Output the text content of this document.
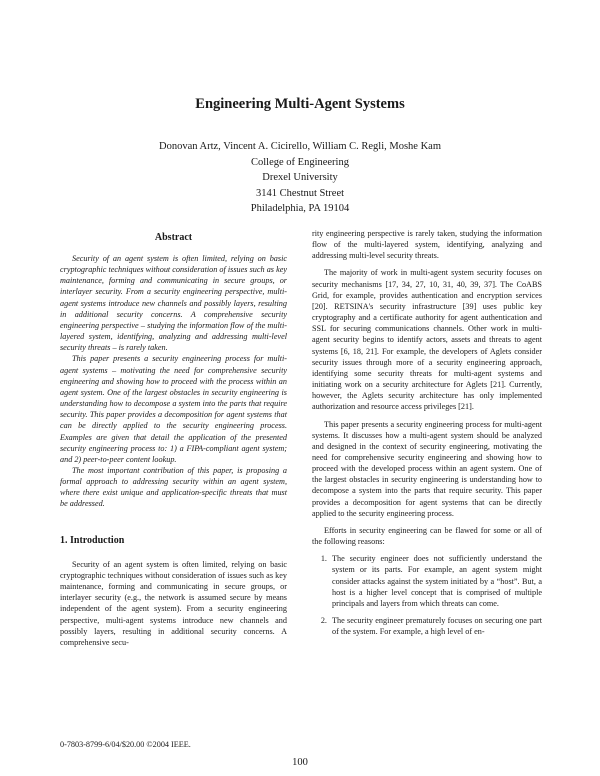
Engineering Multi-Agent Systems
Donovan Artz, Vincent A. Cicirello, William C. Regli, Moshe Kam
College of Engineering
Drexel University
3141 Chestnut Street
Philadelphia, PA 19104
Abstract

Security of an agent system is often limited, relying on basic cryptographic techniques without consideration of issues such as key maintenance, forming and communicating in secure groups, or interlayer security. From a security engineering perspective, multi-agent systems introduce new channels and possibly layers, resulting in additional security concerns. A comprehensive security engineering perspective – studying the information flow of the multi-layered system, identifying, analyzing and addressing multi-level security threats – is rarely taken.

This paper presents a security engineering process for multi-agent systems – motivating the need for comprehensive security engineering and showing how to proceed with the process within an agent system. One of the largest obstacles in security engineering is understanding how to decompose a system into the parts that require security. This paper provides a decomposition for agent systems that can be directly applied to the security engineering process. Examples are given that detail the application of the presented security engineering process to: 1) a FIPA-compliant agent system; and 2) peer-to-peer content lookup.

The most important contribution of this paper, is proposing a formal approach to addressing security within an agent system, where there exist unique and application-specific threats that must be addressed.

1. Introduction

Security of an agent system is often limited, relying on basic cryptographic techniques without consideration of issues such as key maintenance, forming and communicating in secure groups, or interlayer security (e.g., the network is assumed secure by means independent of the agent system). From a security engineering perspective, multi-agent systems introduce new channels and possibly layers, resulting in additional security concerns. A comprehensive secu-

rity engineering perspective is rarely taken, studying the information flow of the multi-layered system, identifying, analyzing and addressing multi-level security threats.

The majority of work in multi-agent system security focuses on security mechanisms [17, 34, 27, 10, 31, 40, 39, 37]. The CoABS Grid, for example, provides authentication and encryption services [20]. RETSINA's security infrastructure [39] uses public key cryptography and a certificate authority for agent authentication and SSL for securing communications channels. Other work in multi-agent security begins to identify actors, assets and threats to agent systems [6, 18, 21]. For example, the developers of Aglets consider security issues through more of a security engineering approach, identifying some security threats for multi-agent systems and initiating work on a security architecture for Aglets [21]. Currently, however, the Aglets security architecture has only implemented authorization and resource access privileges [21].

This paper presents a security engineering process for multi-agent systems. It discusses how a multi-agent system should be analyzed and designed in the context of security engineering, motivating the need for comprehensive security engineering and showing how to proceed with the developed process within an agent system. One of the largest obstacles in security engineering is understanding how to decompose a system into the parts that require security. This paper provides a decomposition for agent systems that can be directly applied to the security engineering process.

Efforts in security engineering can be flawed for some or all of the following reasons:

1. The security engineer does not sufficiently understand the system or its parts. For example, an agent system might consider attacks against the system initiated by a “host”. But, a host is a higher level concept that is comprised of multiple principals and layers from which threats can come.
2. The security engineer prematurely focuses on securing one part of the system. For example, a high level of en-
0-7803-8799-6/04/$20.00 ©2004 IEEE.
100
